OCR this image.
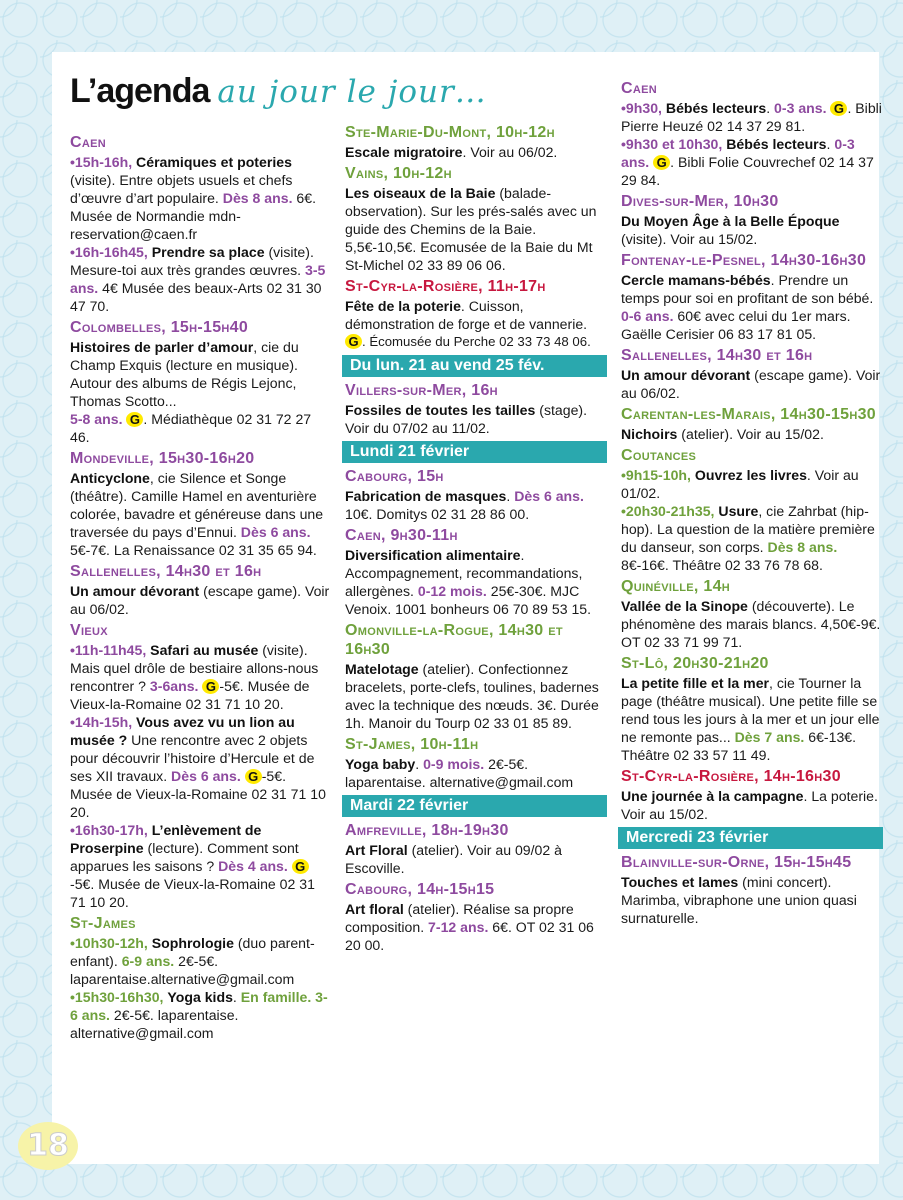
L’agenda au jour le jour…
Caen

•15h-16h, Céramiques et poteries (visite). Entre objets usuels et chefs d’œuvre d’art populaire. Dès 8 ans. 6€. Musée de Normandie mdn-reservation@caen.fr

•16h-16h45, Prendre sa place (visite). Mesure-toi aux très grandes œuvres. 3-5 ans. 4€ Musée des beaux-Arts 02 31 30 47 70.

Colombelles, 15h-15h40

Histoires de parler d’amour, cie du Champ Exquis (lecture en musique). Autour des albums de Régis Lejonc, Thomas Scotto...

5-8 ans. G . Médiathèque 02 31 72 27 46.

Mondeville, 15h30-16h20

Anticyclone, cie Silence et Songe (théâtre). Camille Hamel en aventurière colorée, bavadre et généreuse dans une traversée du pays d’Ennui. Dès 6 ans. 5€-7€. La Renaissance 02 31 35 65 94.

Sallenelles, 14h30 et 16h

Un amour dévorant (escape game). Voir au 06/02.

Vieux

•11h-11h45, Safari au musée (visite). Mais quel drôle de bestiaire allons-nous rencontrer ? 3-6ans. G -5€. Musée de Vieux-la-Romaine 02 31 71 10 20.

•14h-15h, Vous avez vu un lion au musée ? Une rencontre avec 2 objets pour découvrir l’histoire d’Hercule et de ses XII travaux. Dès 6 ans. G -5€. Musée de Vieux-la-Romaine 02 31 71 10 20.

•16h30-17h, L’enlèvement de Proserpine (lecture). Comment sont apparues les saisons ? Dès 4 ans. G-5€. Musée de Vieux-la-Romaine 02 31 71 10 20.

St-James

•10h30-12h, Sophrologie (duo parent-enfant). 6-9 ans. 2€-5€. laparentaise.alternative@gmail.com

•15h30-16h30, Yoga kids. En famille. 3-6 ans. 2€-5€. laparentaise. alternative@gmail.com

Ste-Marie-Du-Mont, 10h-12h

Escale migratoire. Voir au 06/02.

Vains, 10h-12h

Les oiseaux de la Baie (balade-observation). Sur les prés-salés avec un guide des Chemins de la Baie. 5,5€-10,5€. Ecomusée de la Baie du Mt St-Michel 02 33 89 06 06.

St-Cyr-la-Rosière, 11h-17h

Fête de la poterie. Cuisson, démonstration de forge et de vannerie.

G . Écomusée du Perche 02 33 73 48 06.

Du lun. 21 au vend 25 fév.
Villers-sur-Mer, 16h

Fossiles de toutes les tailles (stage). Voir du 07/02 au 11/02.

Lundi 21 février
Cabourg, 15h

Fabrication de masques. Dès 6 ans. 10€. Domitys 02 31 28 86 00.

Caen, 9h30-11h

Diversification alimentaire. Accompagnement, recommandations, allergènes. 0-12 mois. 25€-30€. MJC Venoix. 1001 bonheurs 06 70 89 53 15.

Omonville-la-Rogue, 14h30 et 16h30

Matelotage (atelier). Confectionnez bracelets, porte-clefs, toulines, badernes avec la technique des nœuds. 3€. Durée 1h. Manoir du Tourp 02 33 01 85 89.

St-James, 10h-11h

Yoga baby. 0-9 mois. 2€-5€. laparentaise. alternative@gmail.com

Mardi 22 février
Amfreville, 18h-19h30

Art Floral (atelier). Voir au 09/02 à Escoville.

Cabourg, 14h-15h15

Art floral (atelier). Réalise sa propre composition. 7-12 ans. 6€. OT 02 31 06 20 00.

Caen

•9h30, Bébés lecteurs. 0-3 ans. G . Bibli Pierre Heuzé 02 14 37 29 81.

•9h30 et 10h30, Bébés lecteurs. 0-3 ans. G . Bibli Folie Couvrechef 02 14 37 29 84.

Dives-sur-Mer, 10h30

Du Moyen Âge à la Belle Époque (visite). Voir au 15/02.

Fontenay-le-Pesnel, 14h30-16h30

Cercle mamans-bébés. Prendre un temps pour soi en profitant de son bébé.

0-6 ans. 60€ avec celui du 1er mars. Gaëlle Cerisier 06 83 17 81 05.

Sallenelles, 14h30 et 16h

Un amour dévorant (escape game). Voir au 06/02.

Carentan-les-Marais, 14h30-15h30

Nichoirs (atelier). Voir au 15/02.

Coutances

•9h15-10h, Ouvrez les livres. Voir au 01/02.

•20h30-21h35, Usure, cie Zahrbat (hip-hop). La question de la matière première du danseur, son corps. Dès 8 ans. 8€-16€. Théâtre 02 33 76 78 68.

Quinéville, 14h

Vallée de la Sinope (découverte). Le phénomène des marais blancs. 4,50€-9€. OT 02 33 71 99 71.

St-Lô, 20h30-21h20

La petite fille et la mer, cie Tourner la page (théâtre musical). Une petite fille se rend tous les jours à la mer et un jour elle ne remonte pas... Dès 7 ans. 6€-13€. Théâtre 02 33 57 11 49.

St-Cyr-la-Rosière, 14h-16h30

Une journée à la campagne. La poterie. Voir au 15/02.

Mercredi 23 février
Blainville-sur-Orne, 15h-15h45

Touches et lames (mini concert). Marimba, vibraphone une union quasi surnaturelle.

18
